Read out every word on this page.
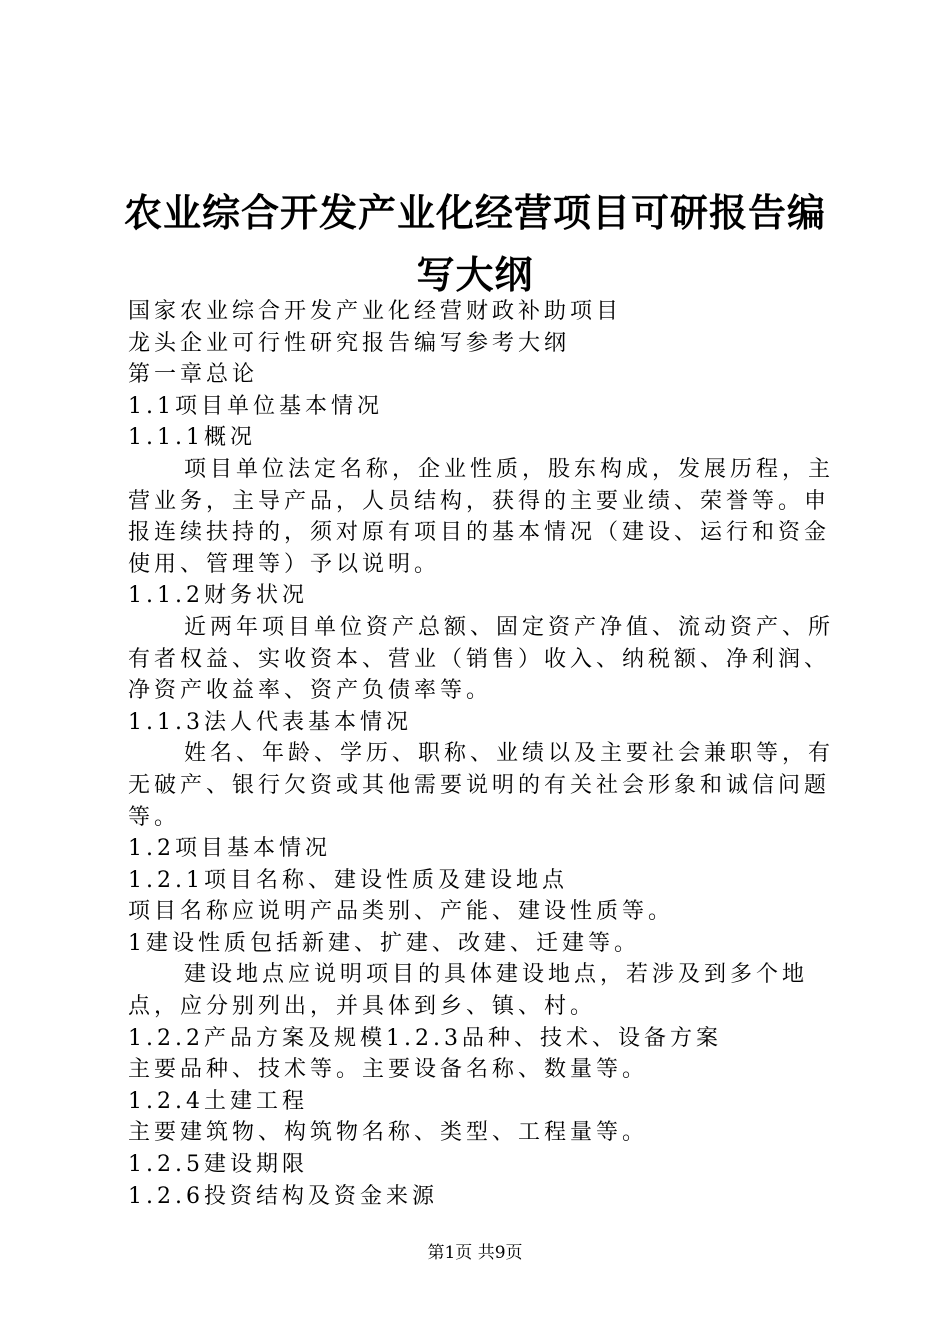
农业综合开发产业化经营项目可研报告编写大纲

国家农业综合开发产业化经营财政补助项目

龙头企业可行性研究报告编写参考大纲

第一章总论

1.1项目单位基本情况

1.1.1概况

项目单位法定名称，企业性质，股东构成，发展历程，主营业务，主导产品，人员结构，获得的主要业绩、荣誉等。申报连续扶持的，须对原有项目的基本情况（建设、运行和资金使用、管理等）予以说明。

1.1.2财务状况

近两年项目单位资产总额、固定资产净值、流动资产、所有者权益、实收资本、营业（销售）收入、纳税额、净利润、净资产收益率、资产负债率等。

1.1.3法人代表基本情况

姓名、年龄、学历、职称、业绩以及主要社会兼职等，有无破产、银行欠资或其他需要说明的有关社会形象和诚信问题等。

1.2项目基本情况

1.2.1项目名称、建设性质及建设地点

项目名称应说明产品类别、产能、建设性质等。

1建设性质包括新建、扩建、改建、迁建等。

建设地点应说明项目的具体建设地点，若涉及到多个地点，应分别列出，并具体到乡、镇、村。

1.2.2产品方案及规模1.2.3品种、技术、设备方案

主要品种、技术等。主要设备名称、数量等。

1.2.4土建工程

主要建筑物、构筑物名称、类型、工程量等。

1.2.5建设期限

1.2.6投资结构及资金来源

第1页 共9页
